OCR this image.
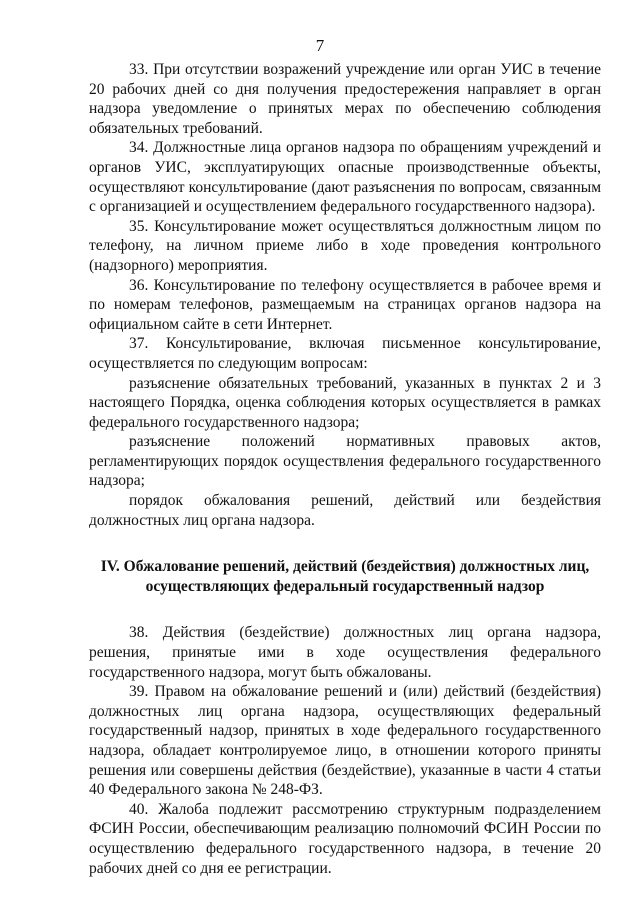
7

33. При отсутствии возражений учреждение или орган УИС в течение 20 рабочих дней со дня получения предостережения направляет в орган надзора уведомление о принятых мерах по обеспечению соблюдения обязательных требований.

34. Должностные лица органов надзора по обращениям учреждений и органов УИС, эксплуатирующих опасные производственные объекты, осуществляют консультирование (дают разъяснения по вопросам, связанным с организацией и осуществлением федерального государственного надзора).

35. Консультирование может осуществляться должностным лицом по телефону, на личном приеме либо в ходе проведения контрольного (надзорного) мероприятия.

36. Консультирование по телефону осуществляется в рабочее время и по номерам телефонов, размещаемым на страницах органов надзора на официальном сайте в сети Интернет.

37. Консультирование, включая письменное консультирование, осуществляется по следующим вопросам:

разъяснение обязательных требований, указанных в пунктах 2 и 3 настоящего Порядка, оценка соблюдения которых осуществляется в рамках федерального государственного надзора;

разъяснение положений нормативных правовых актов, регламентирующих порядок осуществления федерального государственного надзора;

порядок обжалования решений, действий или бездействия должностных лиц органа надзора.

IV. Обжалование решений, действий (бездействия) должностных лиц,
осуществляющих федеральный государственный надзор

38. Действия (бездействие) должностных лиц органа надзора, решения, принятые ими в ходе осуществления федерального государственного надзора, могут быть обжалованы.

39. Правом на обжалование решений и (или) действий (бездействия) должностных лиц органа надзора, осуществляющих федеральный государственный надзор, принятых в ходе федерального государственного надзора, обладает контролируемое лицо, в отношении которого приняты решения или совершены действия (бездействие), указанные в части 4 статьи 40 Федерального закона № 248-ФЗ.

40. Жалоба подлежит рассмотрению структурным подразделением ФСИН России, обеспечивающим реализацию полномочий ФСИН России по осуществлению федерального государственного надзора, в течение 20 рабочих дней со дня ее регистрации.
